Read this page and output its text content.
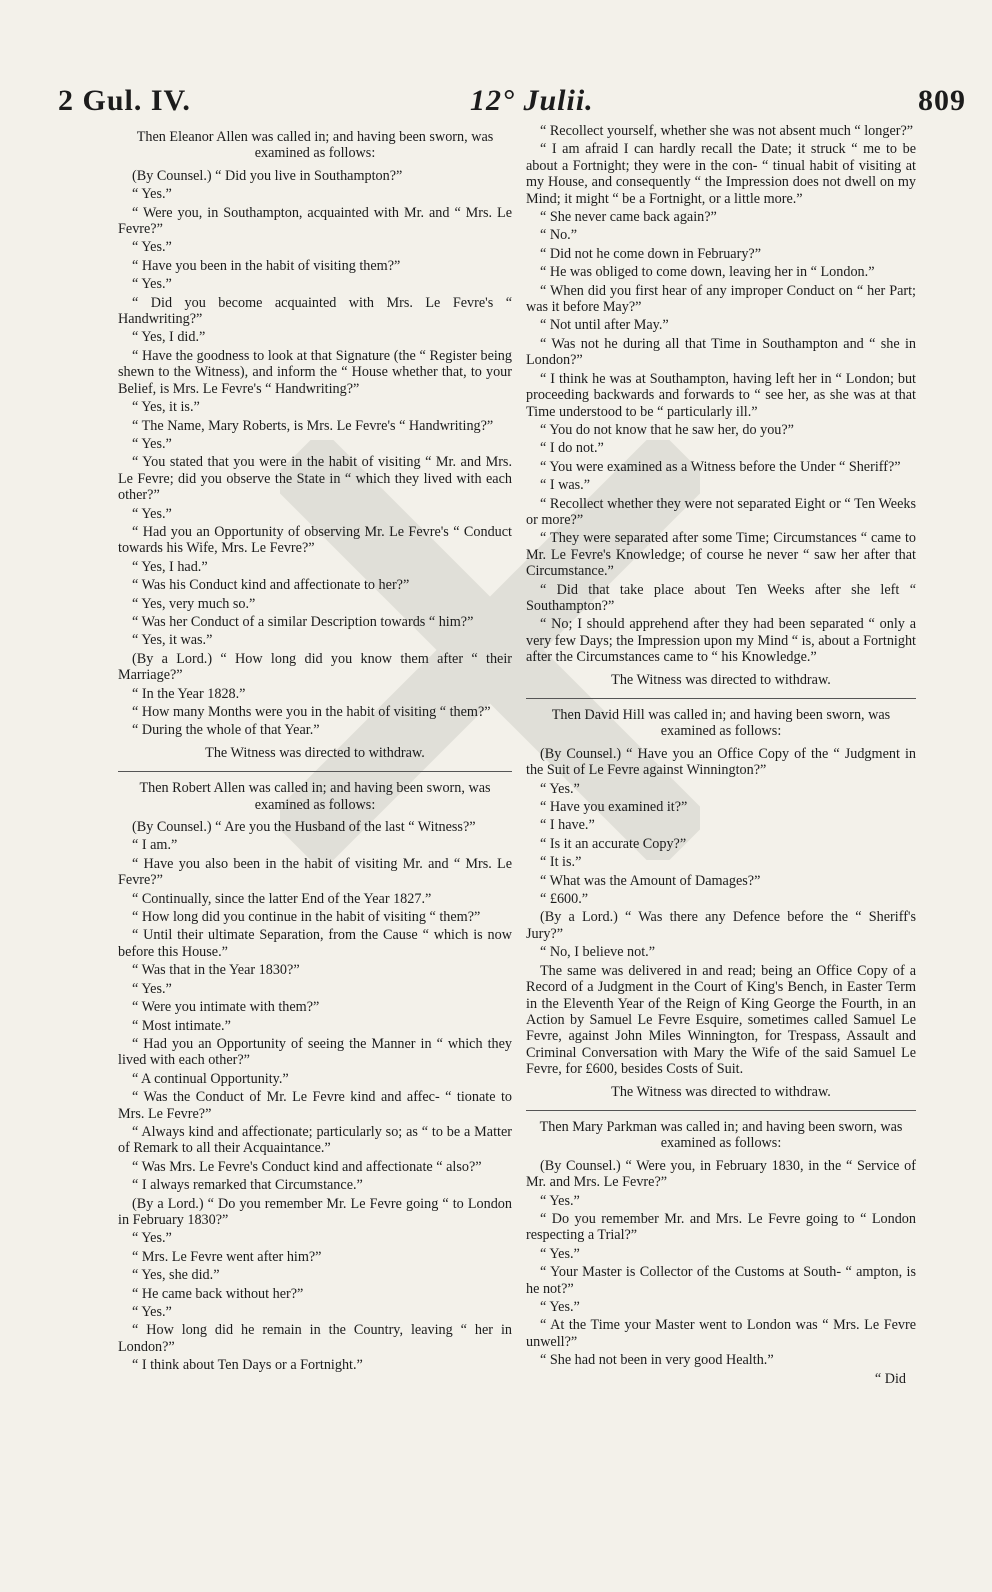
2 Gul. IV.	12° Julii.	809
Then Eleanor Allen was called in; and having been sworn, was examined as follows:
(By Counsel.) “ Did you live in Southampton?”
“ Yes.”
“ Were you, in Southampton, acquainted with Mr. and “ Mrs. Le Fevre?”
“ Yes.”
“ Have you been in the habit of visiting them?”
“ Yes.”
“ Did you become acquainted with Mrs. Le Fevre's “ Handwriting?”
“ Yes, I did.”
“ Have the goodness to look at that Signature (the “ Register being shewn to the Witness), and inform the “ House whether that, to your Belief, is Mrs. Le Fevre's “ Handwriting?”
“ Yes, it is.”
“ The Name, Mary Roberts, is Mrs. Le Fevre's “ Handwriting?”
“ Yes.”
“ You stated that you were in the habit of visiting “ Mr. and Mrs. Le Fevre; did you observe the State in “ which they lived with each other?”
“ Yes.”
“ Had you an Opportunity of observing Mr. Le Fevre's “ Conduct towards his Wife, Mrs. Le Fevre?”
“ Yes, I had.”
“ Was his Conduct kind and affectionate to her?”
“ Yes, very much so.”
“ Was her Conduct of a similar Description towards “ him?”
“ Yes, it was.”
(By a Lord.) “ How long did you know them after “ their Marriage?”
“ In the Year 1828.”
“ How many Months were you in the habit of visiting “ them?”
“ During the whole of that Year.”
The Witness was directed to withdraw.
Then Robert Allen was called in; and having been sworn, was examined as follows:
(By Counsel.) “ Are you the Husband of the last “ Witness?”
“ I am.”
“ Have you also been in the habit of visiting Mr. and “ Mrs. Le Fevre?”
“ Continually, since the latter End of the Year 1827.”
“ How long did you continue in the habit of visiting “ them?”
“ Until their ultimate Separation, from the Cause “ which is now before this House.”
“ Was that in the Year 1830?”
“ Yes.”
“ Were you intimate with them?”
“ Most intimate.”
“ Had you an Opportunity of seeing the Manner in “ which they lived with each other?”
“ A continual Opportunity.”
“ Was the Conduct of Mr. Le Fevre kind and affec- “ tionate to Mrs. Le Fevre?”
“ Always kind and affectionate; particularly so; as “ to be a Matter of Remark to all their Acquaintance.”
“ Was Mrs. Le Fevre's Conduct kind and affectionate “ also?”
“ I always remarked that Circumstance.”
(By a Lord.) “ Do you remember Mr. Le Fevre going “ to London in February 1830?”
“ Yes.”
“ Mrs. Le Fevre went after him?”
“ Yes, she did.”
“ He came back without her?”
“ Yes.”
“ How long did he remain in the Country, leaving “ her in London?”
“ I think about Ten Days or a Fortnight.”
“ Recollect yourself, whether she was not absent much “ longer?”
“ I am afraid I can hardly recall the Date; it struck “ me to be about a Fortnight; they were in the con- “ tinual habit of visiting at my House, and consequently “ the Impression does not dwell on my Mind; it might “ be a Fortnight, or a little more.”
“ She never came back again?”
“ No.”
“ Did not he come down in February?”
“ He was obliged to come down, leaving her in “ London.”
“ When did you first hear of any improper Conduct on “ her Part; was it before May?”
“ Not until after May.”
“ Was not he during all that Time in Southampton and “ she in London?”
“ I think he was at Southampton, having left her in “ London; but proceeding backwards and forwards to “ see her, as she was at that Time understood to be “ particularly ill.”
“ You do not know that he saw her, do you?”
“ I do not.”
“ You were examined as a Witness before the Under “ Sheriff?”
“ I was.”
“ Recollect whether they were not separated Eight or “ Ten Weeks or more?”
“ They were separated after some Time; Circumstances “ came to Mr. Le Fevre's Knowledge; of course he never “ saw her after that Circumstance.”
“ Did that take place about Ten Weeks after she left “ Southampton?”
“ No; I should apprehend after they had been separated “ only a very few Days; the Impression upon my Mind “ is, about a Fortnight after the Circumstances came to “ his Knowledge.”
The Witness was directed to withdraw.
Then David Hill was called in; and having been sworn, was examined as follows:
(By Counsel.) “ Have you an Office Copy of the “ Judgment in the Suit of Le Fevre against Winnington?”
“ Yes.”
“ Have you examined it?”
“ I have.”
“ Is it an accurate Copy?”
“ It is.”
“ What was the Amount of Damages?”
“ £600.”
(By a Lord.) “ Was there any Defence before the “ Sheriff's Jury?”
“ No, I believe not.”
The same was delivered in and read; being an Office Copy of a Record of a Judgment in the Court of King's Bench, in Easter Term in the Eleventh Year of the Reign of King George the Fourth, in an Action by Samuel Le Fevre Esquire, sometimes called Samuel Le Fevre, against John Miles Winnington, for Trespass, Assault and Criminal Conversation with Mary the Wife of the said Samuel Le Fevre, for £600, besides Costs of Suit.
The Witness was directed to withdraw.
Then Mary Parkman was called in; and having been sworn, was examined as follows:
(By Counsel.) “ Were you, in February 1830, in the “ Service of Mr. and Mrs. Le Fevre?”
“ Yes.”
“ Do you remember Mr. and Mrs. Le Fevre going to “ London respecting a Trial?”
“ Yes.”
“ Your Master is Collector of the Customs at South- “ ampton, is he not?”
“ Yes.”
“ At the Time your Master went to London was “ Mrs. Le Fevre unwell?”
“ She had not been in very good Health.”
“ Did
